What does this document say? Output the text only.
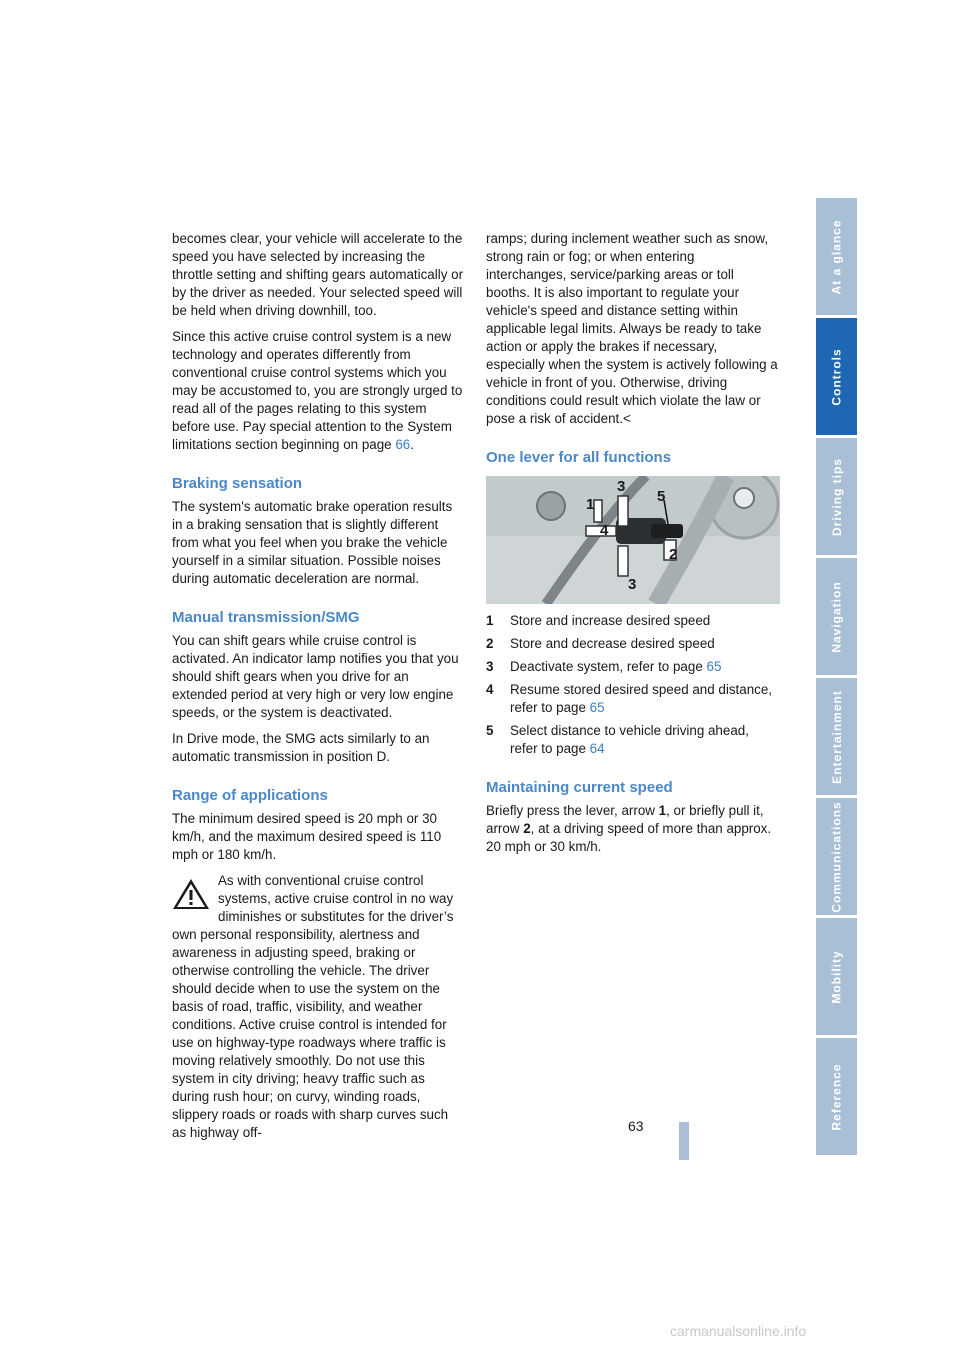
becomes clear, your vehicle will accelerate to the speed you have selected by increasing the throttle setting and shifting gears automatically or by the driver as needed. Your selected speed will be held when driving downhill, too.

Since this active cruise control system is a new technology and operates differently from conventional cruise control systems which you may be accustomed to, you are strongly urged to read all of the pages relating to this system before use. Pay special attention to the System limitations section beginning on page 66.

Braking sensation

The system's automatic brake operation results in a braking sensation that is slightly different from what you feel when you brake the vehicle yourself in a similar situation. Possible noises during automatic deceleration are normal.

Manual transmission/SMG

You can shift gears while cruise control is activated. An indicator lamp notifies you that you should shift gears when you drive for an extended period at very high or very low engine speeds, or the system is deactivated.

In Drive mode, the SMG acts similarly to an automatic transmission in position D.

Range of applications

The minimum desired speed is 20 mph or 30 km/h, and the maximum desired speed is 110 mph or 180 km/h.

As with conventional cruise control systems, active cruise control in no way diminishes or substitutes for the driver’s own personal responsibility, alertness and awareness in adjusting speed, braking or otherwise controlling the vehicle. The driver should decide when to use the system on the basis of road, traffic, visibility, and weather conditions. Active cruise control is intended for use on highway-type roadways where traffic is moving relatively smoothly. Do not use this system in city driving; heavy traffic such as during rush hour; on curvy, winding roads, slippery roads or roads with sharp curves such as highway off-

ramps; during inclement weather such as snow, strong rain or fog; or when entering interchanges, service/parking areas or toll booths. It is also important to regulate your vehicle's speed and distance setting within applicable legal limits. Always be ready to take action or apply the brakes if necessary, especially when the system is actively following a vehicle in front of you. Otherwise, driving conditions could result which violate the law or pose a risk of accident.<

One lever for all functions
3
1	5
4
2
3
1	Store and increase desired speed
2	Store and decrease desired speed
3	Deactivate system, refer to page 65
4	Resume stored desired speed and distance, refer to page 65
5	Select distance to vehicle driving ahead, refer to page 64
Maintaining current speed

Briefly press the lever, arrow 1, or briefly pull it, arrow 2, at a driving speed of more than approx. 20 mph or 30 km/h.

At a glance
Controls
Driving tips
Navigation
Entertainment
Communications
Mobility
Reference
63
carmanualsonline.info
